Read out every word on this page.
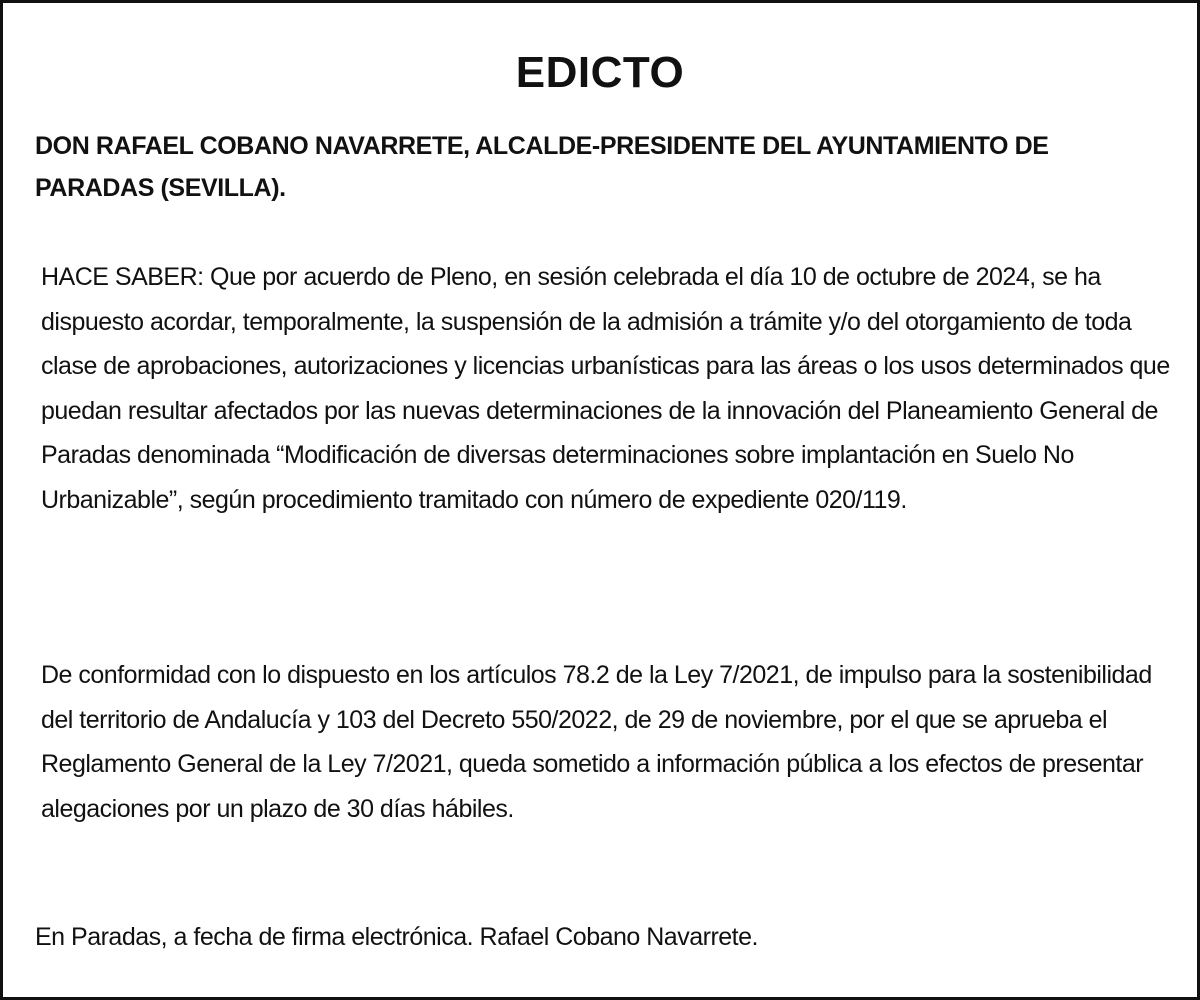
EDICTO

DON RAFAEL COBANO NAVARRETE, ALCALDE-PRESIDENTE DEL AYUNTAMIENTO DE PARADAS (SEVILLA).

HACE SABER: Que por acuerdo de Pleno, en sesión celebrada el día 10 de octubre de 2024, se ha dispuesto acordar, temporalmente, la suspensión de la admisión a trámite y/o del otorgamiento de toda clase de aprobaciones, autorizaciones y licencias urbanísticas para las áreas o los usos determinados que puedan resultar afectados por las nuevas determinaciones de la innovación del Planeamiento General de Paradas denominada “Modificación de diversas determinaciones sobre implantación en Suelo No Urbanizable”, según procedimiento tramitado con número de expediente 020/119.

De conformidad con lo dispuesto en los artículos 78.2 de la Ley 7/2021, de impulso para la sostenibilidad del territorio de Andalucía y 103 del Decreto 550/2022, de 29 de noviembre, por el que se aprueba el Reglamento General de la Ley 7/2021, queda sometido a información pública a los efectos de presentar alegaciones por un plazo de 30 días hábiles.

En Paradas, a fecha de firma electrónica. Rafael Cobano Navarrete.
